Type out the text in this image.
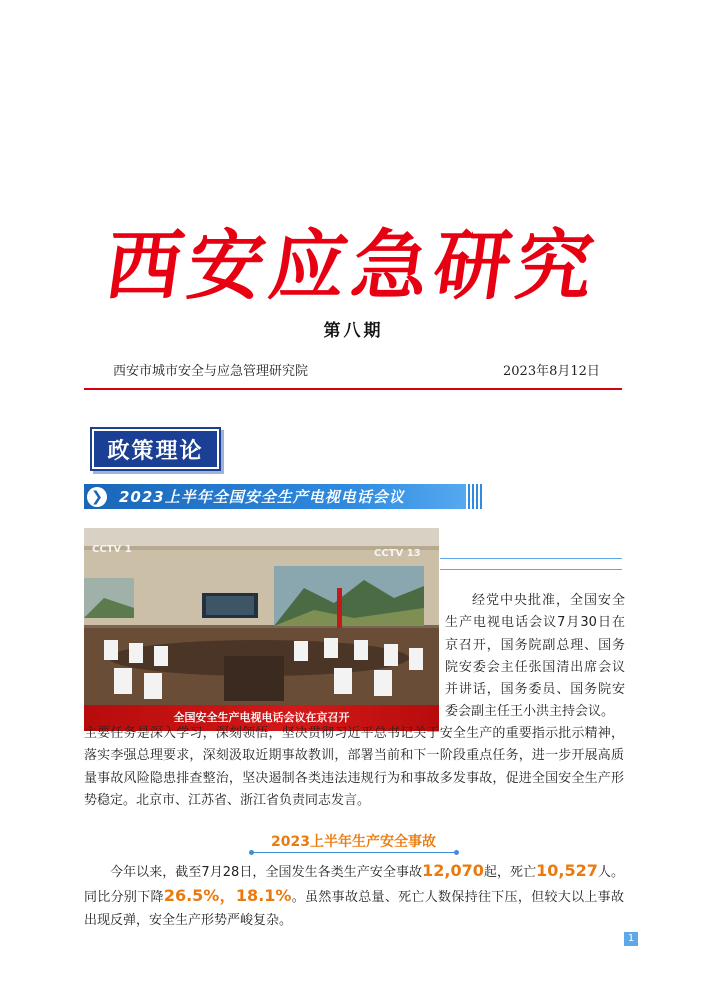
西安应急研究
第八期
西安市城市安全与应急管理研究院	2023年8月12日
政策理论
❯ 2023上半年全国安全生产电视电话会议
CCTV 1	CCTV 13
全国安全生产电视电话会议在京召开
经党中央批准，全国安全生产电视电话会议7月30日在京召开，国务院副总理、国务院安委会主任张国清出席会议并讲话，国务委员、国务院安委会副主任王小洪主持会议。
主要任务是深入学习，深刻领悟，坚决贯彻习近平总书记关于安全生产的重要指示批示精神，落实李强总理要求，深刻汲取近期事故教训，部署当前和下一阶段重点任务，进一步开展高质量事故风险隐患排查整治，坚决遏制各类违法违规行为和事故多发事故，促进全国安全生产形势稳定。北京市、江苏省、浙江省负责同志发言。
2023上半年生产安全事故
今年以来，截至7月28日，全国发生各类生产安全事故12,070起，死亡10,527人。同比分别下降26.5%，18.1%。虽然事故总量、死亡人数保持往下压，但较大以上事故出现反弹，安全生产形势严峻复杂。
1
